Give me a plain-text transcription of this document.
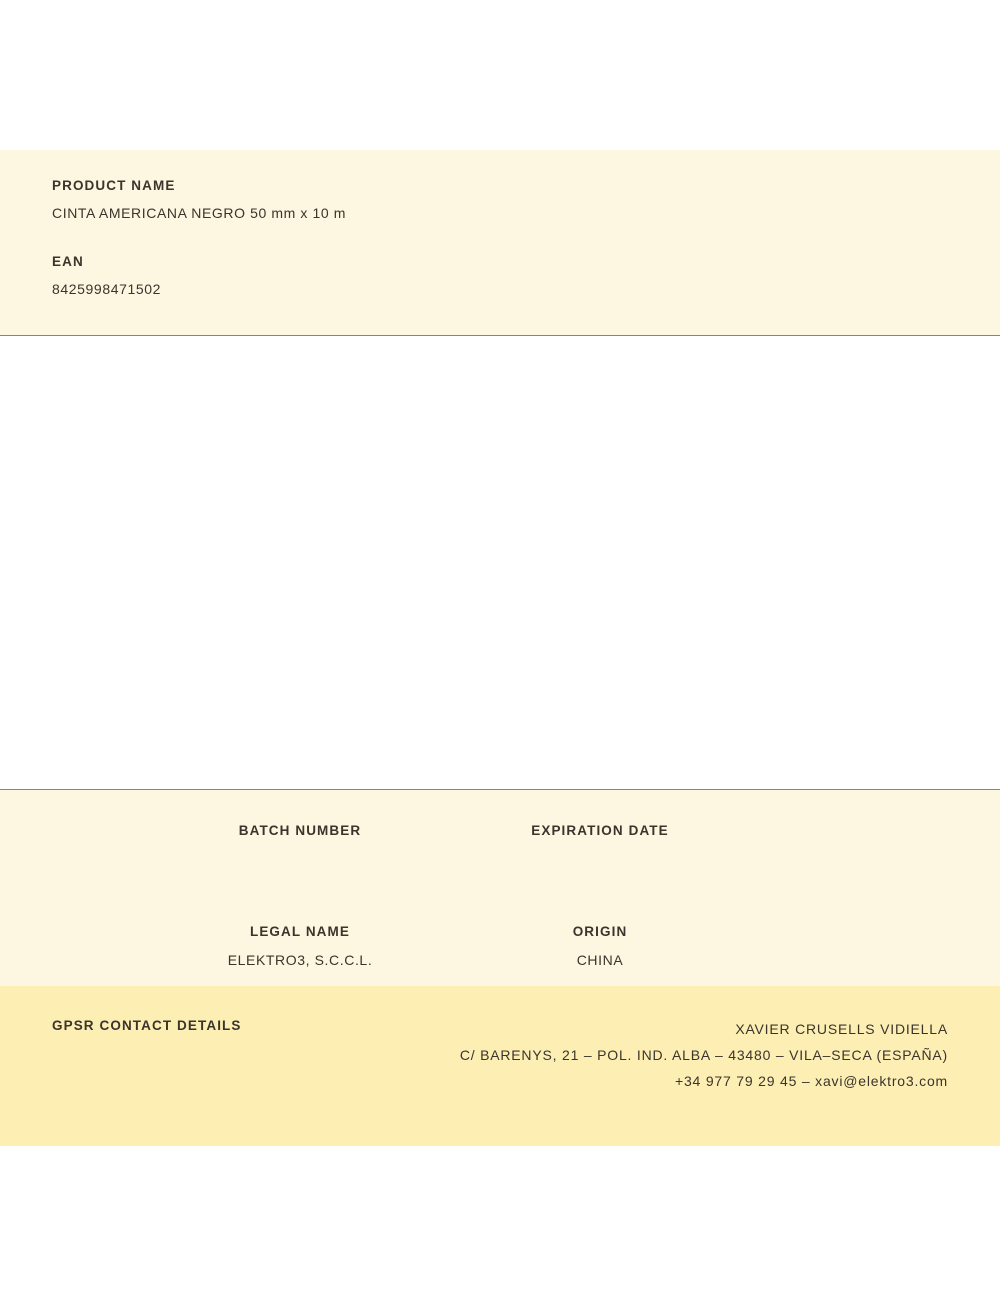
PRODUCT NAME

CINTA AMERICANA NEGRO 50 mm x 10 m

EAN

8425998471502

BATCH NUMBER	EXPIRATION DATE

LEGAL NAME

ELEKTRO3, S.C.C.L.

ORIGIN

CHINA

GPSR CONTACT DETAILS	XAVIER CRUSELLS VIDIELLA
C/ BARENYS, 21 – POL. IND. ALBA – 43480 – VILA–SECA (ESPAÑA)
+34 977 79 29 45 – xavi@elektro3.com
